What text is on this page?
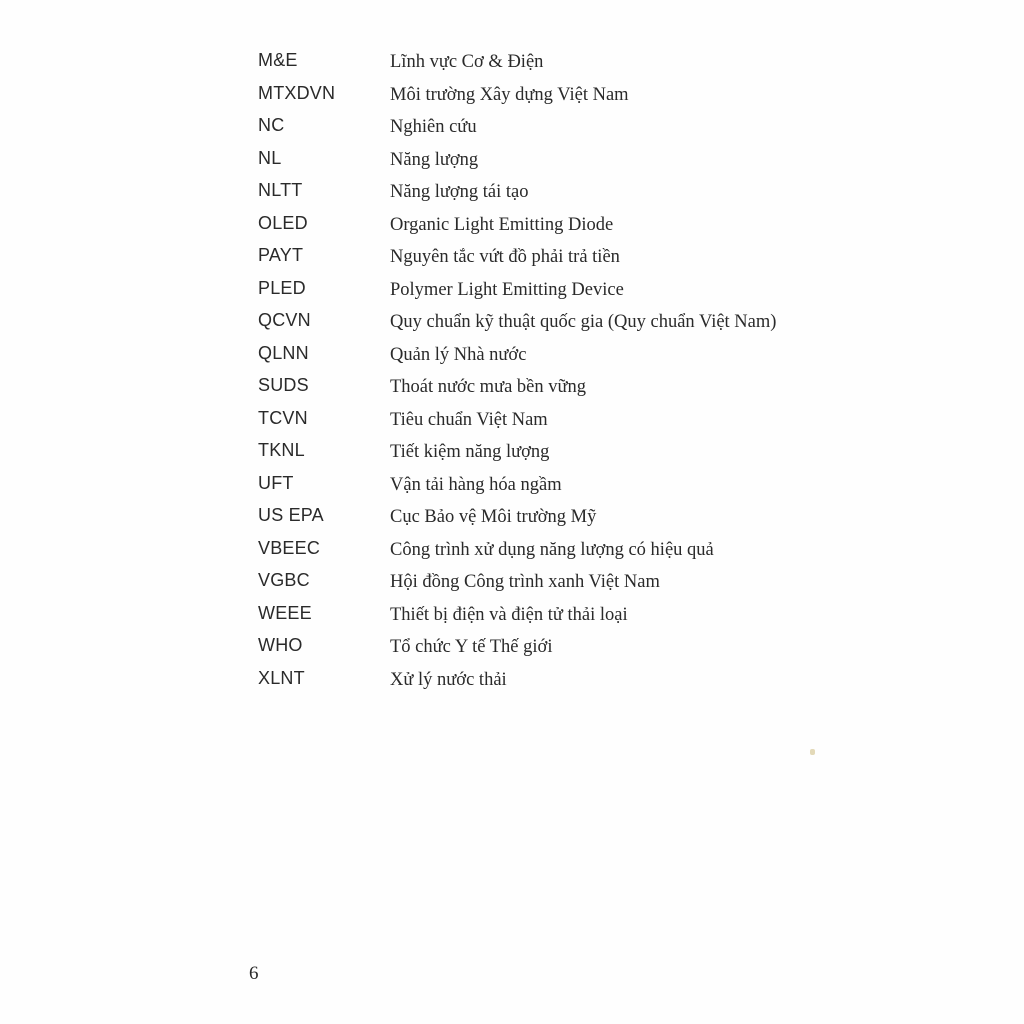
M&E	Lĩnh vực Cơ & Điện
MTXDVN	Môi trường Xây dựng Việt Nam
NC	Nghiên cứu
NL	Năng lượng
NLTT	Năng lượng tái tạo
OLED	Organic Light Emitting Diode
PAYT	Nguyên tắc vứt đồ phải trả tiền
PLED	Polymer Light Emitting Device
QCVN	Quy chuẩn kỹ thuật quốc gia (Quy chuẩn Việt Nam)
QLNN	Quản lý Nhà nước
SUDS	Thoát nước mưa bền vững
TCVN	Tiêu chuẩn Việt Nam
TKNL	Tiết kiệm năng lượng
UFT	Vận tải hàng hóa ngầm
US EPA	Cục Bảo vệ Môi trường Mỹ
VBEEC	Công trình xử dụng năng lượng có hiệu quả
VGBC	Hội đồng Công trình xanh Việt Nam
WEEE	Thiết bị điện và điện tử thải loại
WHO	Tổ chức Y tế Thế giới
XLNT	Xử lý nước thải
6
